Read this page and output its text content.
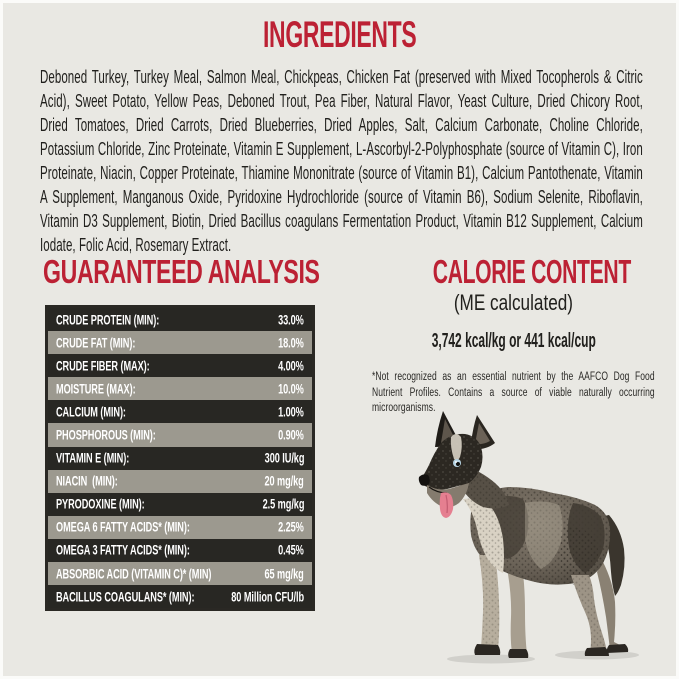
INGREDIENTS
Deboned Turkey, Turkey Meal, Salmon Meal, Chickpeas, Chicken Fat (preserved with Mixed Tocopherols & Citric Acid), Sweet Potato, Yellow Peas, Deboned Trout, Pea Fiber, Natural Flavor, Yeast Culture, Dried Chicory Root, Dried Tomatoes, Dried Carrots, Dried Blueberries, Dried Apples, Salt, Calcium Carbonate, Choline Chloride, Potassium Chloride, Zinc Proteinate, Vitamin E Supplement, L-Ascorbyl-2-Polyphosphate (source of Vitamin C), Iron Proteinate, Niacin, Copper Proteinate, Thiamine Mononitrate (source of Vitamin B1), Calcium Pantothenate, Vitamin A Supplement, Manganous Oxide, Pyridoxine Hydrochloride (source of Vitamin B6), Sodium Selenite, Riboflavin, Vitamin D3 Supplement, Biotin, Dried Bacillus coagulans Fermentation Product, Vitamin B12 Supplement, Calcium Iodate, Folic Acid, Rosemary Extract.
GUARANTEED ANALYSIS
CRUDE PROTEIN (MIN):	33.0%
CRUDE FAT (MIN):	18.0%
CRUDE FIBER (MAX):	4.00%
MOISTURE (MAX):	10.0%
CALCIUM (MIN):	1.00%
PHOSPHOROUS (MIN):	0.90%
VITAMIN E (MIN):	300 IU/kg
NIACIN  (MIN):	20 mg/kg
PYRODOXINE (MIN):	2.5 mg/kg
OMEGA 6 FATTY ACIDS* (MIN):	2.25%
OMEGA 3 FATTY ACIDS* (MIN):	0.45%
ABSORBIC ACID (VITAMIN C)* (MIN)	65 mg/kg
BACILLUS COAGULANS* (MIN):	80 Million CFU/lb
CALORIE CONTENT
(ME calculated)
3,742 kcal/kg or 441 kcal/cup
*Not recognized as an essential nutrient by the AAFCO Dog Food Nutrient Profiles. Contains a source of viable naturally occurring microorganisms.
